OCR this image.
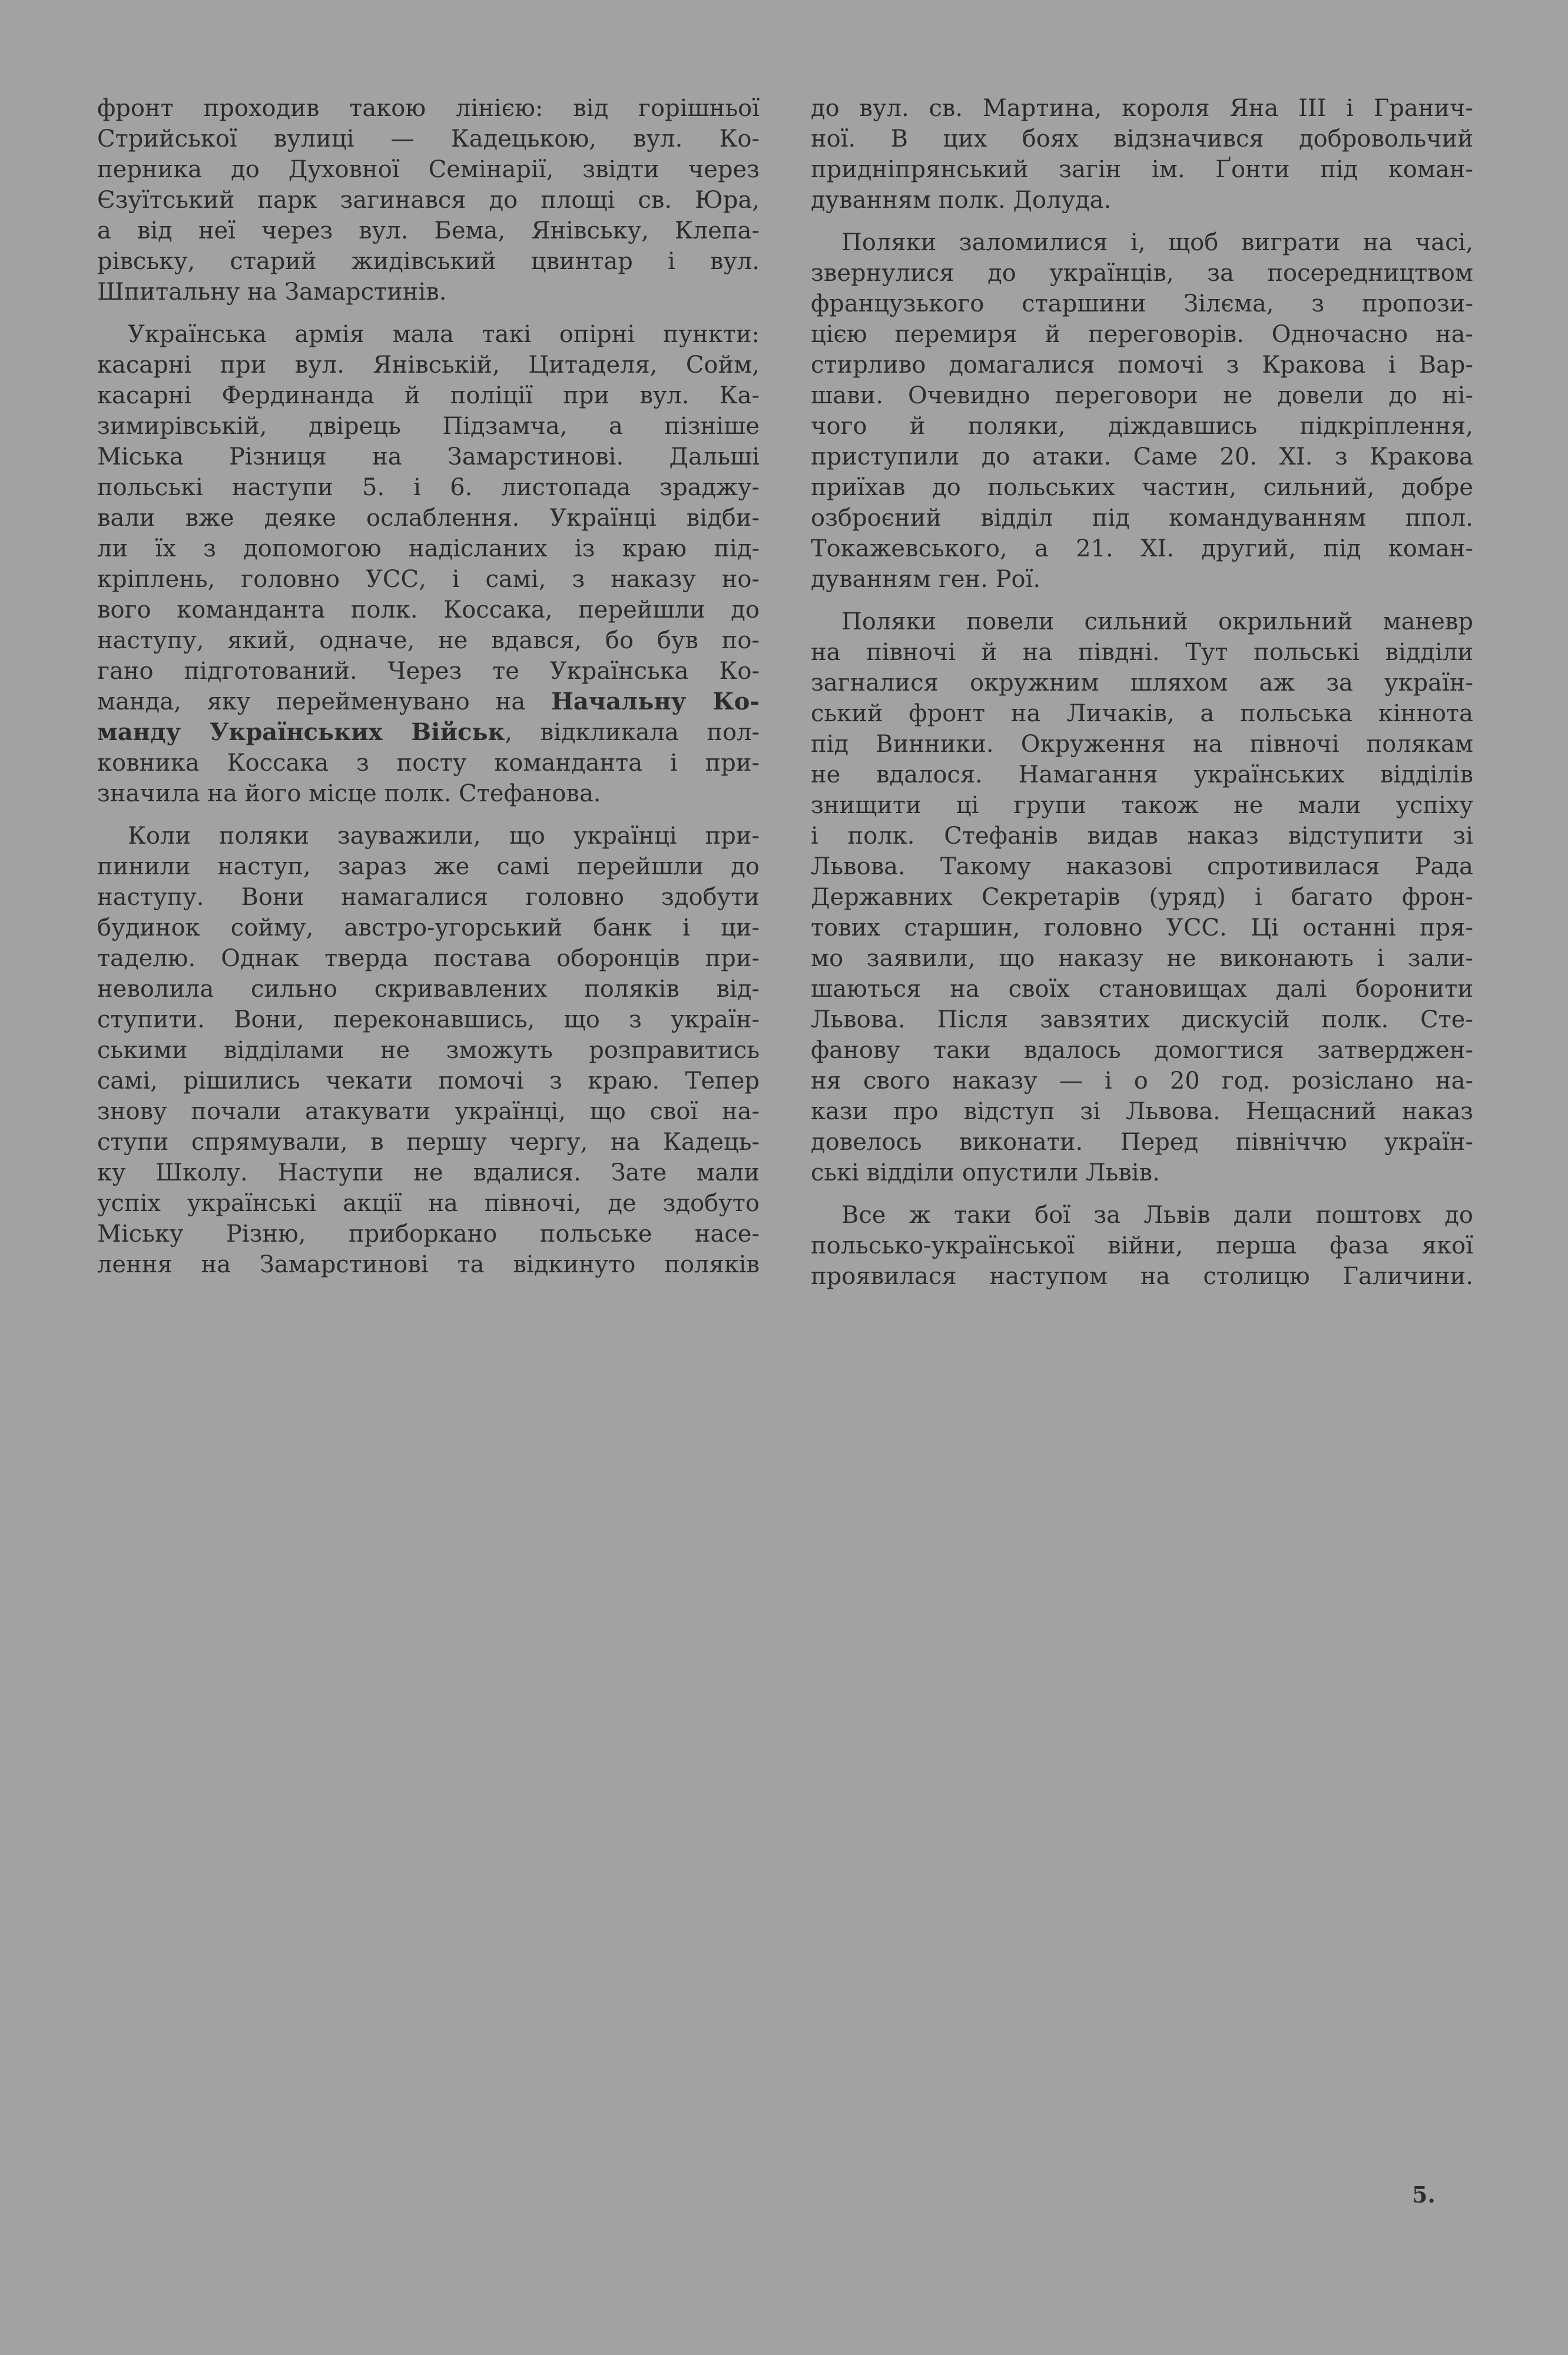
фронт проходив такою лінією: від горішньої
Стрийської вулиці — Кадецькою, вул. Ко-
перника до Духовної Семінарії, звідти через
Єзуїтський парк загинався до площі св. Юра,
а від неї через вул. Бема, Янівську, Клепа-
рівську, старий жидівський цвинтар і вул.
Шпитальну на Замарстинів.
Українська армія мала такі опірні пункти:
касарні при вул. Янівській, Цитаделя, Сойм,
касарні Фердинанда й поліції при вул. Ка-
зимирівській, двірець Підзамча, а пізніше
Міська Різниця на Замарстинові. Дальші
польські наступи 5. і 6. листопада зраджу-
вали вже деяке ослаблення. Українці відби-
ли їх з допомогою надісланих із краю під-
кріплень, головно УСС, і самі, з наказу но-
вого команданта полк. Коссака, перейшли до
наступу, який, одначе, не вдався, бо був по-
гано підготований. Через те Українська Ко-
манда, яку перейменувано на Начальну Ко-
манду Українських Військ, відкликала пол-
ковника Коссака з посту команданта і при-
значила на його місце полк. Стефанова.
Коли поляки зауважили, що українці при-
пинили наступ, зараз же самі перейшли до
наступу. Вони намагалися головно здобути
будинок сойму, австро-угорський банк і ци-
таделю. Однак тверда постава оборонців при-
неволила сильно скривавлених поляків від-
ступити. Вони, переконавшись, що з україн-
ськими відділами не зможуть розправитись
самі, рішились чекати помочі з краю. Тепер
знову почали атакувати українці, що свої на-
ступи спрямували, в першу чергу, на Кадець-
ку Школу. Наступи не вдалися. Зате мали
успіх українські акції на півночі, де здобуто
Міську Різню, приборкано польське насе-
лення на Замарстинові та відкинуто поляків
до вул. св. Мартина, короля Яна III і Гранич-
ної. В цих боях відзначився добровольчий
придніпрянський загін ім. Ґонти під коман-
дуванням полк. Долуда.
Поляки заломилися і, щоб виграти на часі,
звернулися до українців, за посередництвом
французького старшини Зілєма, з пропози-
цією перемиря й переговорів. Одночасно на-
стирливо домагалися помочі з Кракова і Вар-
шави. Очевидно переговори не довели до ні-
чого й поляки, діждавшись підкріплення,
приступили до атаки. Саме 20. XI. з Кракова
приїхав до польських частин, сильний, добре
озброєний відділ під командуванням ппол.
Токажевського, а 21. XI. другий, під коман-
дуванням ген. Рої.
Поляки повели сильний окрильний маневр
на півночі й на півдні. Тут польські відділи
загналися окружним шляхом аж за україн-
ський фронт на Личаків, а польська кіннота
під Винники. Окруження на півночі полякам
не вдалося. Намагання українських відділів
знищити ці групи також не мали успіху
і полк. Стефанів видав наказ відступити зі
Львова. Такому наказові спротивилася Рада
Державних Секретарів (уряд) і багато фрон-
тових старшин, головно УСС. Ці останні пря-
мо заявили, що наказу не виконають і зали-
шаються на своїх становищах далі боронити
Львова. Після завзятих дискусій полк. Сте-
фанову таки вдалось домогтися затверджен-
ня свого наказу — і о 20 год. розіслано на-
кази про відступ зі Львова. Нещасний наказ
довелось виконати. Перед північчю україн-
ські відділи опустили Львів.
Все ж таки бої за Львів дали поштовх до
польсько-української війни, перша фаза якої
проявилася наступом на столицю Галичини.
5.
